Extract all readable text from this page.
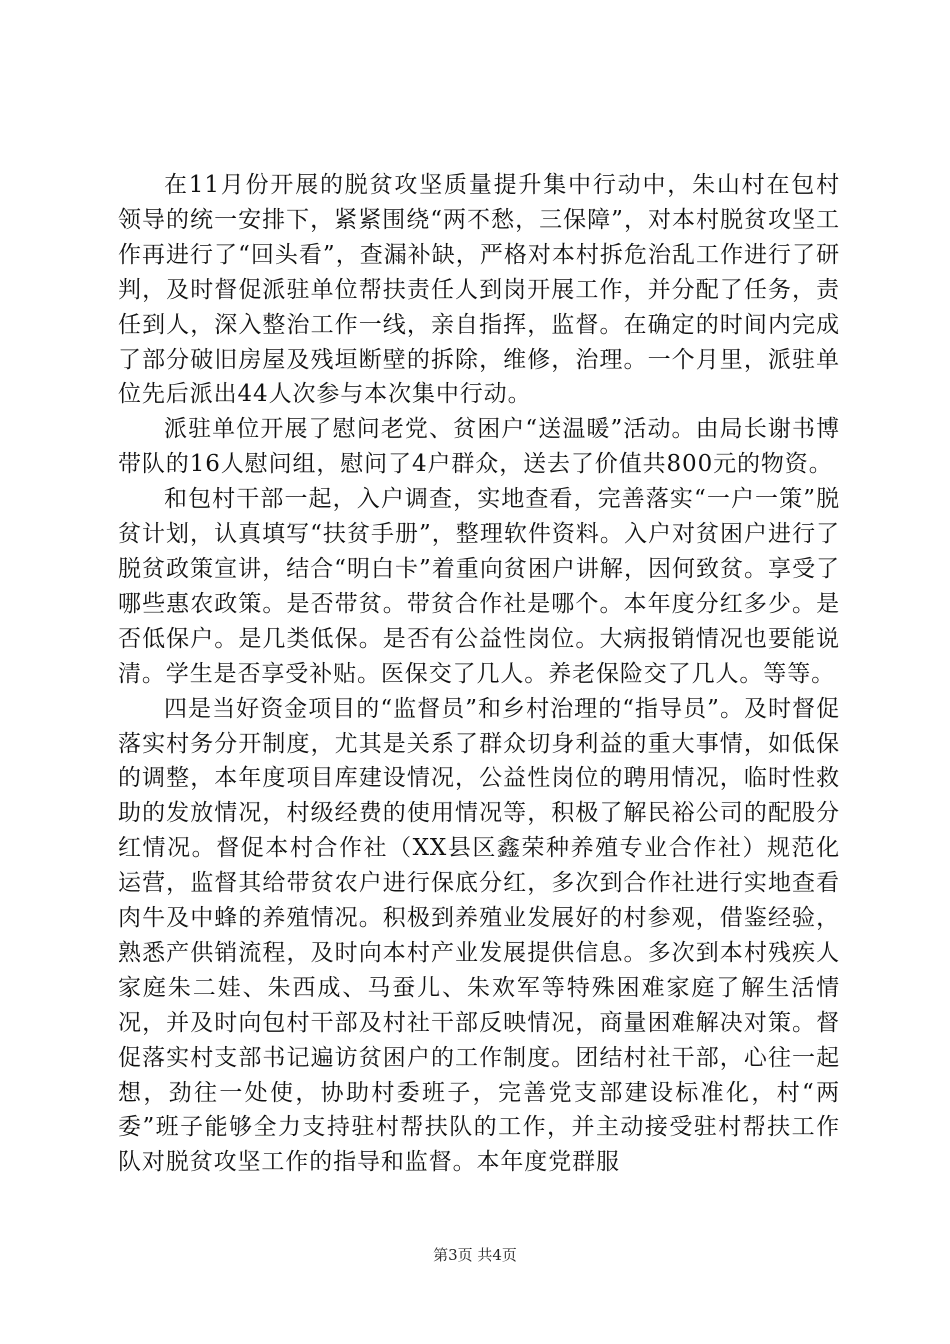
在11月份开展的脱贫攻坚质量提升集中行动中，朱山村在包村领导的统一安排下，紧紧围绕“两不愁，三保障”，对本村脱贫攻坚工作再进行了“回头看”，查漏补缺，严格对本村拆危治乱工作进行了研判，及时督促派驻单位帮扶责任人到岗开展工作，并分配了任务，责任到人，深入整治工作一线，亲自指挥，监督。在确定的时间内完成了部分破旧房屋及残垣断壁的拆除，维修，治理。一个月里，派驻单位先后派出44人次参与本次集中行动。

派驻单位开展了慰问老党、贫困户“送温暖”活动。由局长谢书博带队的16人慰问组，慰问了4户群众，送去了价值共800元的物资。

和包村干部一起，入户调查，实地查看，完善落实“一户一策”脱贫计划，认真填写“扶贫手册”，整理软件资料。入户对贫困户进行了脱贫政策宣讲，结合“明白卡”着重向贫困户讲解，因何致贫。享受了哪些惠农政策。是否带贫。带贫合作社是哪个。本年度分红多少。是否低保户。是几类低保。是否有公益性岗位。大病报销情况也要能说清。学生是否享受补贴。医保交了几人。养老保险交了几人。等等。

四是当好资金项目的“监督员”和乡村治理的“指导员”。及时督促落实村务分开制度，尤其是关系了群众切身利益的重大事情，如低保的调整，本年度项目库建设情况，公益性岗位的聘用情况，临时性救助的发放情况，村级经费的使用情况等，积极了解民裕公司的配股分红情况。督促本村合作社（XX县区鑫荣种养殖专业合作社）规范化运营，监督其给带贫农户进行保底分红，多次到合作社进行实地查看肉牛及中蜂的养殖情况。积极到养殖业发展好的村参观，借鉴经验，熟悉产供销流程，及时向本村产业发展提供信息。多次到本村残疾人家庭朱二娃、朱西成、马蚕儿、朱欢军等特殊困难家庭了解生活情况，并及时向包村干部及村社干部反映情况，商量困难解决对策。督促落实村支部书记遍访贫困户的工作制度。团结村社干部，心往一起想，劲往一处使，协助村委班子，完善党支部建设标准化，村“两委”班子能够全力支持驻村帮扶队的工作，并主动接受驻村帮扶工作队对脱贫攻坚工作的指导和监督。本年度党群服

第3页 共4页
